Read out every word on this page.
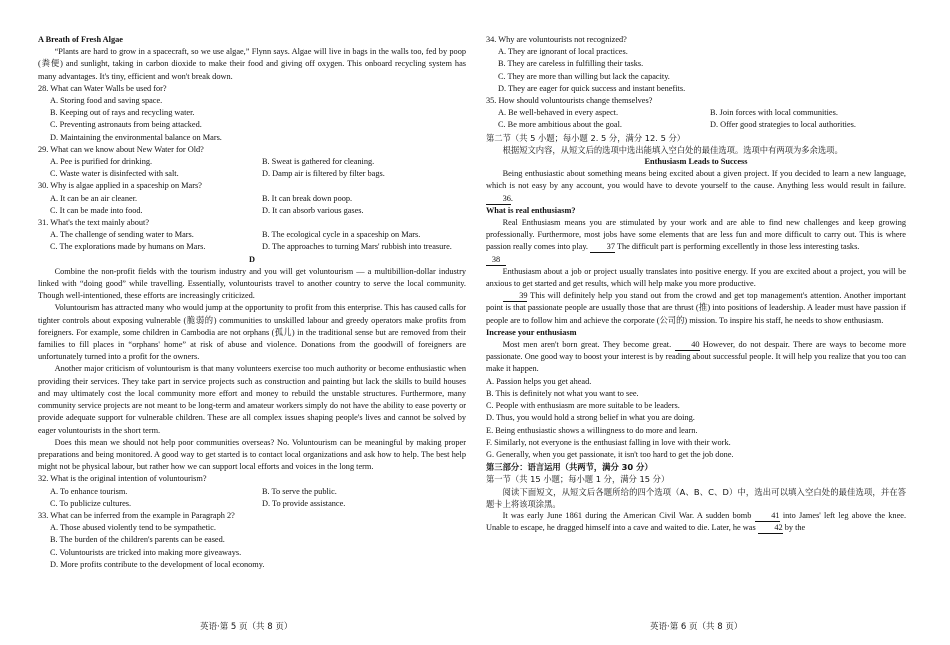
A Breath of Fresh Algae
“Plants are hard to grow in a spacecraft, so we use algae,” Flynn says. Algae will live in bags in the walls too, fed by poop (粪便) and sunlight, taking in carbon dioxide to make their food and giving off oxygen. This onboard recycling system has many advantages. It's tiny, efficient and won't break down.
28. What can Water Walls be used for?
A. Storing food and saving space.
B. Keeping out of rays and recycling water.
C. Preventing astronauts from being attacked.
D. Maintaining the environmental balance on Mars.
29. What can we know about New Water for Old?
A. Pee is purified for drinking.	B. Sweat is gathered for cleaning.
C. Waste water is disinfected with salt.	D. Damp air is filtered by filter bags.
30. Why is algae applied in a spaceship on Mars?
A. It can be an air cleaner.	B. It can break down poop.
C. It can be made into food.	D. It can absorb various gases.
31. What's the text mainly about?
A. The challenge of sending water to Mars.	B. The ecological cycle in a spaceship on Mars.
C. The explorations made by humans on Mars.	D. The approaches to turning Mars' rubbish into treasure.
D
Combine the non-profit fields with the tourism industry and you will get voluntourism — a multibillion-dollar industry linked with “doing good” while travelling. Essentially, voluntourists travel to another country to serve the local community. Though well-intentioned, these efforts are increasingly criticized.
Voluntourism has attracted many who would jump at the opportunity to profit from this enterprise. This has caused calls for tighter controls about exposing vulnerable (脆弱的) communities to unskilled labour and greedy operators make profits from foreigners. For example, some children in Cambodia are not orphans (孤儿) in the traditional sense but are removed from their families to fill places in “orphans' home” at risk of abuse and violence. Donations from the goodwill of foreigners are unfortunately turned into a profit for the owners.
Another major criticism of voluntourism is that many volunteers exercise too much authority or become enthusiastic when providing their services. They take part in service projects such as construction and painting but lack the skills to build houses and may ultimately cost the local community more effort and money to rebuild the unstable structures. Furthermore, many community service projects are not meant to be long-term and amateur workers simply do not have the ability to ease poverty or provide adequate support for vulnerable children. These are all complex issues shaping people's lives and cannot be solved by eager voluntourists in the short term.
Does this mean we should not help poor communities overseas? No. Voluntourism can be meaningful by making proper preparations and being monitored. A good way to get started is to contact local organizations and ask how to help. The best help might not be physical labour, but rather how we can support local efforts and voices in the long term.
32. What is the original intention of voluntourism?
A. To enhance tourism.	B. To serve the public.
C. To publicize cultures.	D. To provide assistance.
33. What can be inferred from the example in Paragraph 2?
A. Those abused violently tend to be sympathetic.
B. The burden of the children's parents can be eased.
C. Voluntourists are tricked into making more giveaways.
D. More profits contribute to the development of local economy.
英语·第 5 页（共 8 页）
34. Why are voluntourists not recognized?
A. They are ignorant of local practices.
B. They are careless in fulfilling their tasks.
C. They are more than willing but lack the capacity.
D. They are eager for quick success and instant benefits.
35. How should voluntourists change themselves?
A. Be well-behaved in every aspect.	B. Join forces with local communities.
C. Be more ambitious about the goal.	D. Offer good strategies to local authorities.
第二节（共 5 小题；每小题 2. 5 分，满分 12. 5 分）
根据短文内容，从短文后的选项中选出能填入空白处的最佳选项。选项中有两项为多余选项。
Enthusiasm Leads to Success
Being enthusiastic about something means being excited about a given project. If you decided to learn a new language, which is not easy by any account, you would have to devote yourself to the cause. Anything less would result in failure. 36.
What is real enthusiasm?
Real Enthusiasm means you are stimulated by your work and are able to find new challenges and keep growing professionally. Furthermore, most jobs have some elements that are less fun and more difficult to carry out. This is where passion really comes into play. 37 The difficult part is performing excellently in those less interesting tasks.
38
Enthusiasm about a job or project usually translates into positive energy. If you are excited about a project, you will be anxious to get started and get results, which will help make you more productive.
39 This will definitely help you stand out from the crowd and get top management's attention. Another important point is that passionate people are usually those that are thrust (推) into positions of leadership. A leader must have passion if people are to follow him and achieve the corporate (公司的) mission. To inspire his staff, he needs to show enthusiasm.
Increase your enthusiasm
Most men aren't born great. They become great. 40 However, do not despair. There are ways to become more passionate. One good way to boost your interest is by reading about successful people. It will help you realize that you too can make it happen.
A. Passion helps you get ahead.
B. This is definitely not what you want to see.
C. People with enthusiasm are more suitable to be leaders.
D. Thus, you would hold a strong belief in what you are doing.
E. Being enthusiastic shows a willingness to do more and learn.
F. Similarly, not everyone is the enthusiast falling in love with their work.
G. Generally, when you get passionate, it isn't too hard to get the job done.
第三部分：语言运用（共两节，满分 30 分）
第一节（共 15 小题；每小题 1 分，满分 15 分）
阅读下面短文，从短文后各题所给的四个选项（A、B、C、D）中，选出可以填入空白处的最佳选项，并在答题卡上将该项涂黑。
It was early June 1861 during the American Civil War. A sudden bomb 41 into James' left leg above the knee. Unable to escape, he dragged himself into a cave and waited to die. Later, he was 42 by the
英语·第 6 页（共 8 页）
